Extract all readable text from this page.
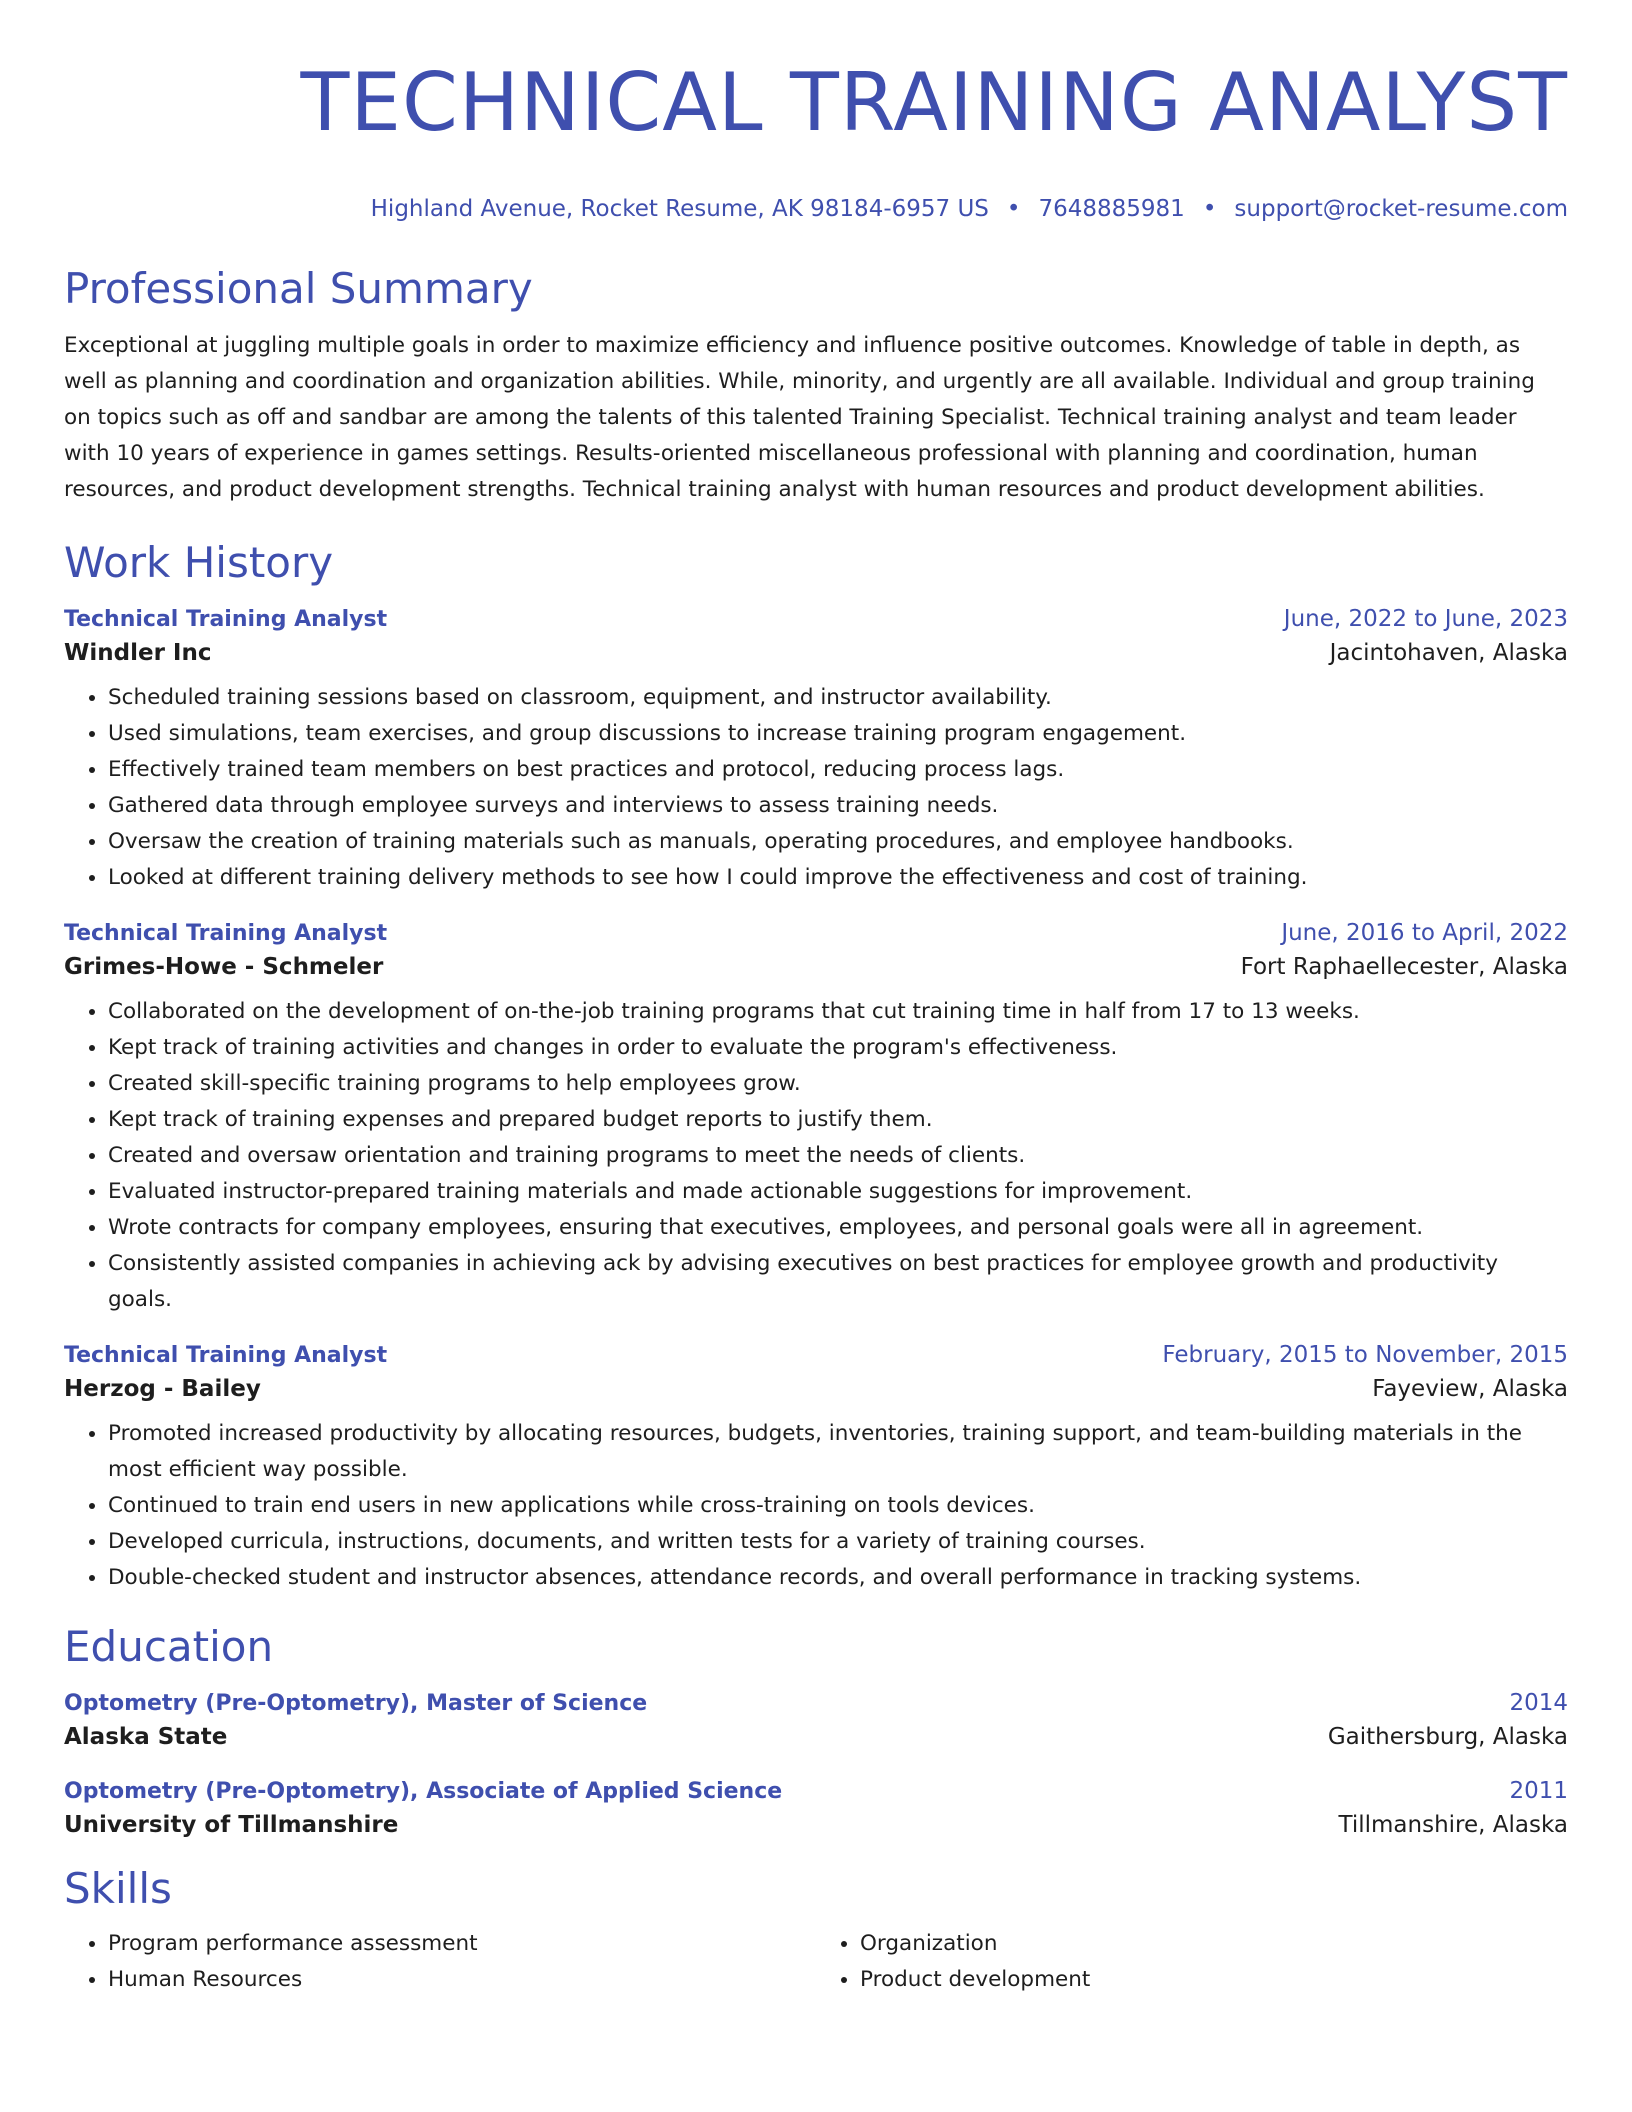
TECHNICAL TRAINING ANALYST
Highland Avenue, Rocket Resume, AK 98184-6957 US • 7648885981 • support@rocket-resume.com
Professional Summary

Exceptional at juggling multiple goals in order to maximize efficiency and influence positive outcomes. Knowledge of table in depth, as well as planning and coordination and organization abilities. While, minority, and urgently are all available. Individual and group training on topics such as off and sandbar are among the talents of this talented Training Specialist. Technical training analyst and team leader with 10 years of experience in games settings. Results-oriented miscellaneous professional with planning and coordination, human resources, and product development strengths. Technical training analyst with human resources and product development abilities.

Work History
Technical Training Analyst	June, 2022 to June, 2023
Windler Inc	Jacintohaven, Alaska
• Scheduled training sessions based on classroom, equipment, and instructor availability.
• Used simulations, team exercises, and group discussions to increase training program engagement.
• Effectively trained team members on best practices and protocol, reducing process lags.
• Gathered data through employee surveys and interviews to assess training needs.
• Oversaw the creation of training materials such as manuals, operating procedures, and employee handbooks.
• Looked at different training delivery methods to see how I could improve the effectiveness and cost of training.
Technical Training Analyst	June, 2016 to April, 2022
Grimes-Howe - Schmeler	Fort Raphaellecester, Alaska
• Collaborated on the development of on-the-job training programs that cut training time in half from 17 to 13 weeks.
• Kept track of training activities and changes in order to evaluate the program's effectiveness.
• Created skill-specific training programs to help employees grow.
• Kept track of training expenses and prepared budget reports to justify them.
• Created and oversaw orientation and training programs to meet the needs of clients.
• Evaluated instructor-prepared training materials and made actionable suggestions for improvement.
• Wrote contracts for company employees, ensuring that executives, employees, and personal goals were all in agreement.
• Consistently assisted companies in achieving ack by advising executives on best practices for employee growth and productivity goals.
Technical Training Analyst	February, 2015 to November, 2015
Herzog - Bailey	Fayeview, Alaska
• Promoted increased productivity by allocating resources, budgets, inventories, training support, and team-building materials in the most efficient way possible.
• Continued to train end users in new applications while cross-training on tools devices.
• Developed curricula, instructions, documents, and written tests for a variety of training courses.
• Double-checked student and instructor absences, attendance records, and overall performance in tracking systems.
Education
Optometry (Pre-Optometry), Master of Science	2014
Alaska State	Gaithersburg, Alaska
Optometry (Pre-Optometry), Associate of Applied Science	2011
University of Tillmanshire	Tillmanshire, Alaska
Skills
• Program performance assessment
• Human Resources
• Organization
• Product development
